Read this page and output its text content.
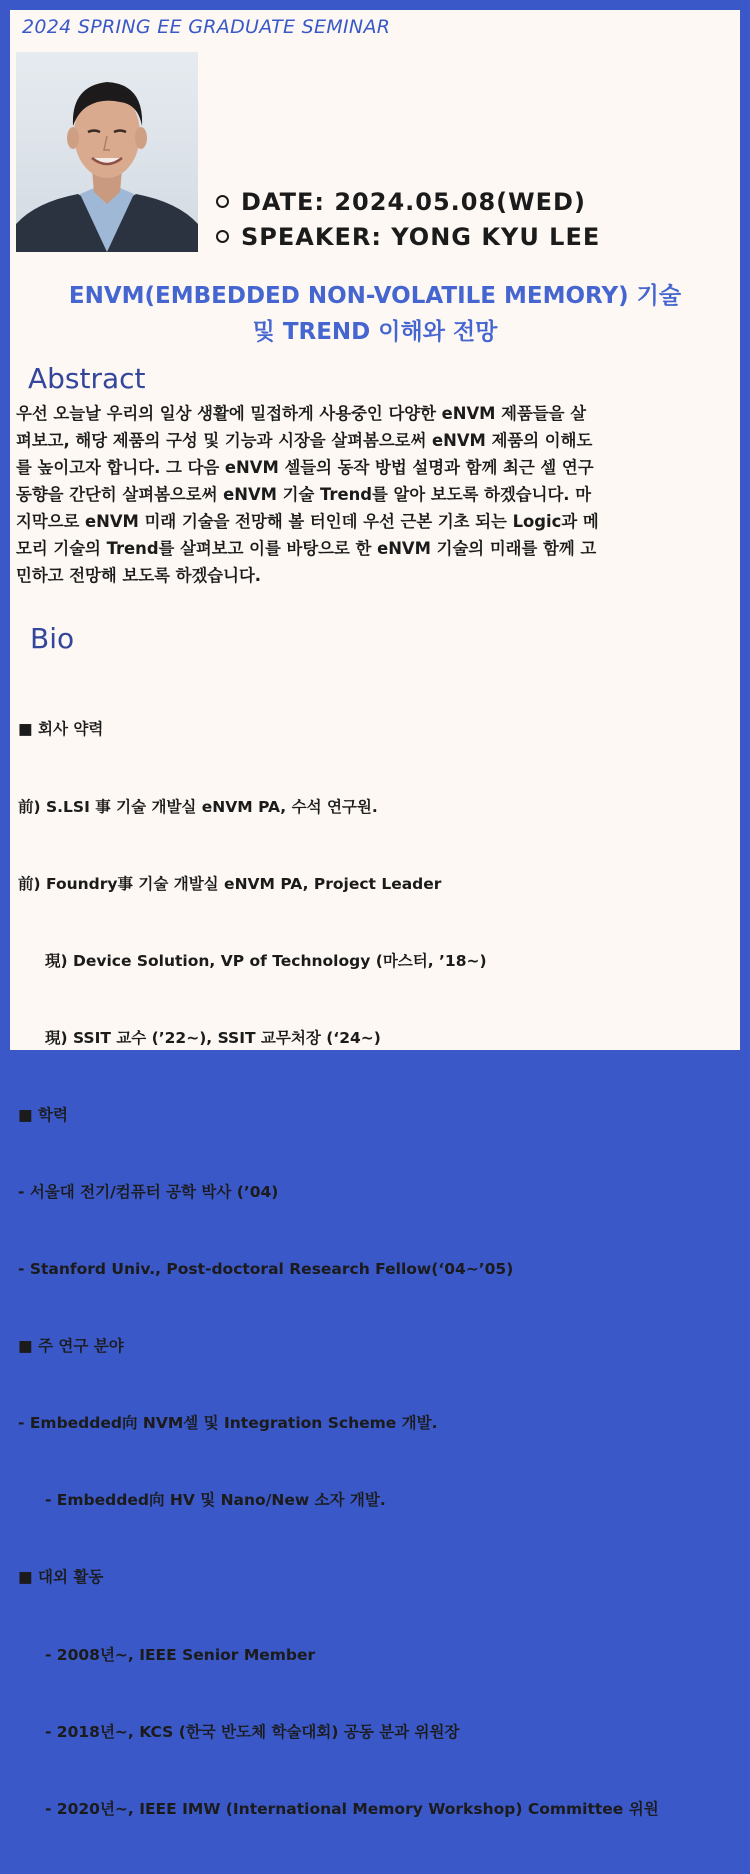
2024 SPRING EE GRADUATE SEMINAR
DATE: 2024.05.08(WED)
SPEAKER: YONG KYU LEE
ENVM(EMBEDDED NON-VOLATILE MEMORY) 기술
및 TREND 이해와 전망
Abstract
우선 오늘날 우리의 일상 생활에 밀접하게 사용중인 다양한 eNVM 제품들을 살
펴보고, 해당 제품의 구성 및 기능과 시장을 살펴봄으로써 eNVM 제품의 이해도
를 높이고자 합니다. 그 다음 eNVM 셀들의 동작 방법 설명과 함께 최근 셀 연구
동향을 간단히 살펴봄으로써 eNVM 기술 Trend를 알아 보도록 하겠습니다. 마
지막으로 eNVM 미래 기술을 전망해 볼 터인데 우선 근본 기초 되는 Logic과 메
모리 기술의 Trend를 살펴보고 이를 바탕으로 한 eNVM 기술의 미래를 함께 고
민하고 전망해 보도록 하겠습니다.
Bio

■ 회사 약력

前) S.LSI 事 기술 개발실 eNVM PA, 수석 연구원.

前) Foundry事 기술 개발실 eNVM PA, Project Leader

現) Device Solution, VP of Technology (마스터, ’18~)

現) SSIT 교수 (’22~), SSIT 교무처장 (‘24~)

■ 학력

- 서울대 전기/컴퓨터 공학 박사 (’04)

- Stanford Univ., Post-doctoral Research Fellow(‘04~’05)

■ 주 연구 분야

- Embedded向 NVM셀 및 Integration Scheme 개발.

- Embedded向 HV 및 Nano/New 소자 개발.

■ 대외 활동

- 2008년~, IEEE Senior Member

- 2018년~, KCS (한국 반도체 학술대회) 공동 분과 위원장

- 2020년~, IEEE IMW (International Memory Workshop) Committee 위원
